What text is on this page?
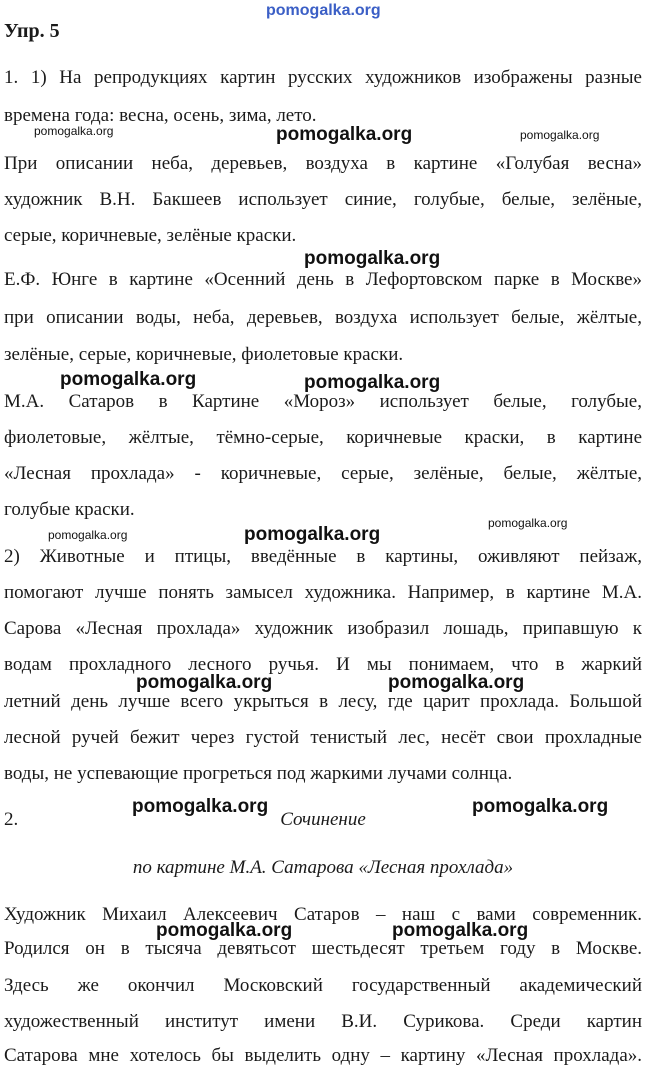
pomogalka.org
Упр. 5
1. 1) На репродукциях картин русских художников изображены разные
времена года: весна, осень, зима, лето.
pomogalka.org	pomogalka.org	pomogalka.org
При описании неба, деревьев, воздуха в картине «Голубая весна»
художник В.Н. Бакшеев использует синие, голубые, белые, зелёные,
серые, коричневые, зелёные краски.
pomogalka.org
Е.Ф. Юнге в картине «Осенний день в Лефортовском парке в Москве»
при описании воды, неба, деревьев, воздуха использует белые, жёлтые,
зелёные, серые, коричневые, фиолетовые краски.
pomogalka.org	pomogalka.org
М.А. Сатаров в Картине «Мороз» использует белые, голубые,
фиолетовые, жёлтые, тёмно-серые, коричневые краски, в картине
«Лесная прохлада» - коричневые, серые, зелёные, белые, жёлтые,
голубые краски.
pomogalka.org	pomogalka.org
pomogalka.org
2) Животные и птицы, введённые в картины, оживляют пейзаж,
помогают лучше понять замысел художника. Например, в картине М.А.
Сарова «Лесная прохлада» художник изобразил лошадь, припавшую к
водам прохладного лесного ручья. И мы понимаем, что в жаркий
pomogalka.org	pomogalka.org
летний день лучше всего укрыться в лесу, где царит прохлада. Большой
лесной ручей бежит через густой тенистый лес, несёт свои прохладные
воды, не успевающие прогреться под жаркими лучами солнца.
pomogalka.org	pomogalka.org
2.	Сочинение
по картине М.А. Сатарова «Лесная прохлада»
Художник Михаил Алексеевич Сатаров – наш с вами современник.
pomogalka.org	pomogalka.org
Родился он в тысяча девятьсот шестьдесят третьем году в Москве.
Здесь же окончил Московский государственный академический
художественный институт имени В.И. Сурикова. Среди картин
Сатарова мне хотелось бы выделить одну – картину «Лесная прохлада».
